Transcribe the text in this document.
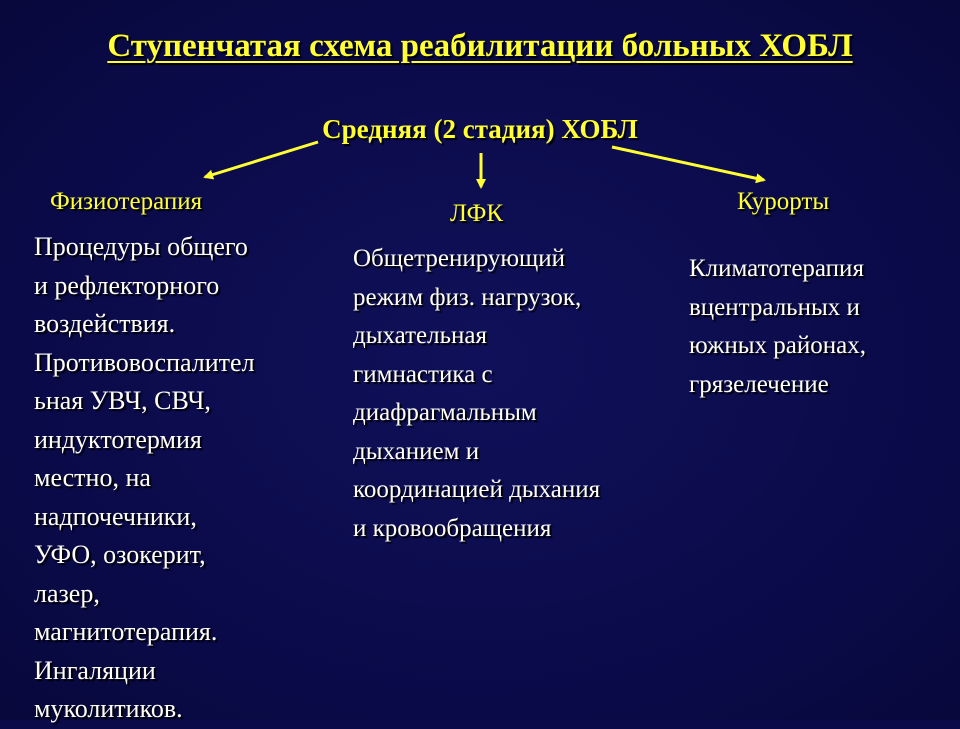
Ступенчатая схема реабилитации больных ХОБЛ
Средняя (2 стадия) ХОБЛ
Физиотерапия	ЛФК	Курорты
Процедуры общего
и рефлекторного
воздействия.
Противовоспалител
ьная УВЧ, СВЧ,
индуктотермия
местно, на
надпочечники,
УФО, озокерит,
лазер,
магнитотерапия.
Ингаляции
муколитиков.
Общетренирующий
режим физ. нагрузок,
дыхательная
гимнастика с
диафрагмальным
дыханием и
координацией дыхания
и кровообращения
Климатотерапия
вцентральных и
южных районах,
грязелечение
